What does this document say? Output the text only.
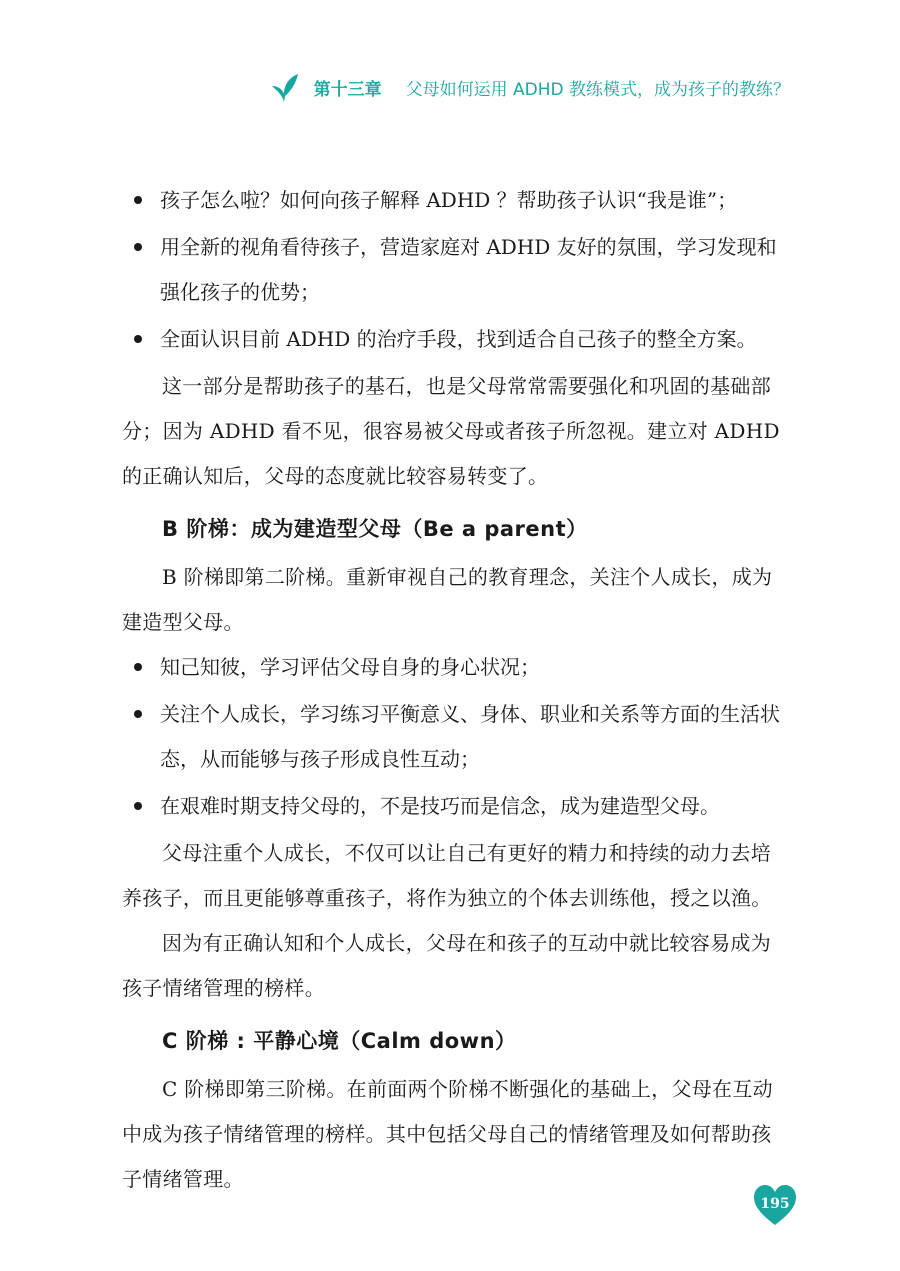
第十三章 父母如何运用 ADHD 教练模式，成为孩子的教练？
孩子怎么啦？如何向孩子解释 ADHD ？帮助孩子认识“我是谁”；
用全新的视角看待孩子，营造家庭对 ADHD 友好的氛围，学习发现和强化孩子的优势；
全面认识目前 ADHD 的治疗手段，找到适合自己孩子的整全方案。

这一部分是帮助孩子的基石，也是父母常常需要强化和巩固的基础部分；因为 ADHD 看不见，很容易被父母或者孩子所忽视。建立对 ADHD 的正确认知后，父母的态度就比较容易转变了。

B 阶梯：成为建造型父母（Be a parent）

B 阶梯即第二阶梯。重新审视自己的教育理念，关注个人成长，成为建造型父母。

知己知彼，学习评估父母自身的身心状况；
关注个人成长，学习练习平衡意义、身体、职业和关系等方面的生活状态，从而能够与孩子形成良性互动；
在艰难时期支持父母的，不是技巧而是信念，成为建造型父母。

父母注重个人成长，不仅可以让自己有更好的精力和持续的动力去培养孩子，而且更能够尊重孩子，将作为独立的个体去训练他，授之以渔。

因为有正确认知和个人成长，父母在和孩子的互动中就比较容易成为孩子情绪管理的榜样。

C 阶梯 : 平静心境（Calm down）

C 阶梯即第三阶梯。在前面两个阶梯不断强化的基础上，父母在互动中成为孩子情绪管理的榜样。其中包括父母自己的情绪管理及如何帮助孩子情绪管理。

195
